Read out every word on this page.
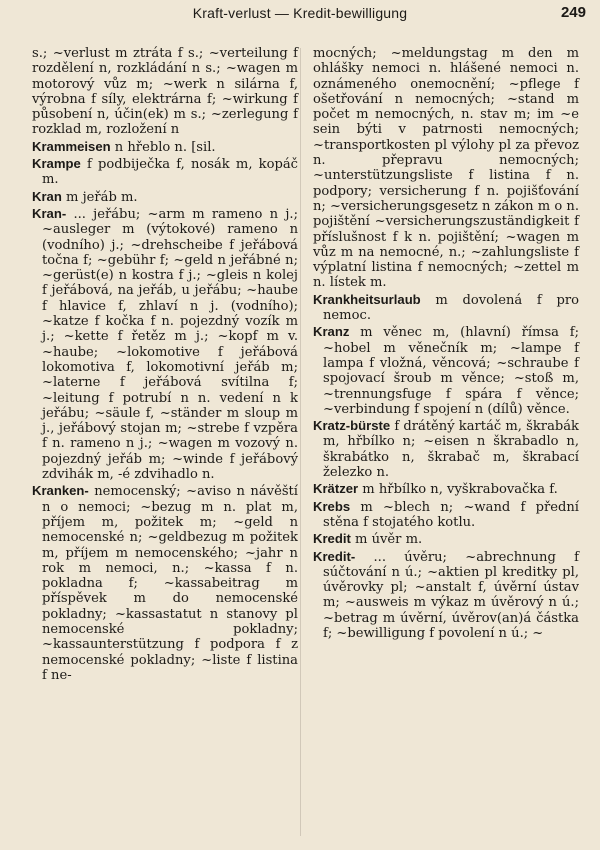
Kraft-verlust — Kredit-bewilligung	249

s.; ~verlust m ztráta f s.; ~verteilung f rozdělení n, rozkládání n s.; ~wagen m motorový vůz m; ~werk n silárna f, výrobna f síly, elektrárna f; ~wirkung f působení n, účin(ek) m s.; ~zerlegung f rozklad m, rozložení n

Krammeisen n hřeblo n. [sil.

Krampe f podbiječka f, nosák m, kopáč m.

Kran m jeřáb m.

Kran- ... jeřábu; ~arm m rameno n j.; ~ausleger m (výtokové) rameno n (vodního) j.; ~drehscheibe f jeřábová točna f; ~gebühr f; ~geld n jeřábné n; ~gerüst(e) n kostra f j.; ~gleis n kolej f jeřábová, na jeřáb, u jeřábu; ~haube f hlavice f, zhlaví n j. (vodního); ~katze f kočka f n. pojezdný vozík m j.; ~kette f řetěz m j.; ~kopf m v. ~haube; ~lokomotive f jeřábová lokomotiva f, lokomotivní jeřáb m; ~laterne f jeřábová svítilna f; ~leitung f potrubí n n. vedení n k jeřábu; ~säule f, ~ständer m sloup m j., jeřábový stojan m; ~strebe f vzpěra f n. rameno n j.; ~wagen m vozový n. pojezdný jeřáb m; ~winde f jeřábový zdvihák m, -é zdvihadlo n.

Kranken- nemocenský; ~aviso n návěští n o nemoci; ~bezug m n. plat m, příjem m, požitek m; ~geld n nemocenské n; ~geldbezug m požitek m, příjem m nemocenského; ~jahr n rok m nemoci, n.; ~kassa f n. pokladna f; ~kassabeitrag m příspěvek m do nemocenské pokladny; ~kassastatut n stanovy pl nemocenské pokladny; ~kassaunterstützung f podpora f z nemocenské pokladny; ~liste f listina f ne-

mocných; ~meldungstag m den m ohlášky nemoci n. hlášené nemoci n. oznámeného onemocnění; ~pflege f ošetřování n nemocných; ~stand m počet m nemocných, n. stav m; im ~e sein býti v patrnosti nemocných; ~transportkosten pl výlohy pl za převoz n. přepravu nemocných; ~unterstützungsliste f listina f n. podpory; versicherung f n. pojišťování n; ~versicherungsgesetz n zákon m o n. pojištění ~versicherungszuständigkeit f příslušnost f k n. pojištění; ~wagen m vůz m na nemocné, n.; ~zahlungsliste f výplatní listina f nemocných; ~zettel m n. lístek m.

Krankheitsurlaub m dovolená f pro nemoc.

Kranz m věnec m, (hlavní) římsa f; ~hobel m věnečník m; ~lampe f lampa f vložná, věncová; ~schraube f spojovací šroub m věnce; ~stoß m, ~trennungsfuge f spára f věnce; ~verbindung f spojení n (dílů) věnce.

Kratz-bürste f drátěný kartáč m, škrabák m, hřbílko n; ~eisen n škrabadlo n, škrabátko n, škrabač m, škrabací železko n.

Krätzer m hřbílko n, vyškrabovačka f.

Krebs m ~blech n; ~wand f přední stěna f stojatého kotlu.

Kredit m úvěr m.

Kredit- ... úvěru; ~abrechnung f súčtování n ú.; ~aktien pl kreditky pl, úvěrovky pl; ~anstalt f, úvěrní ústav m; ~ausweis m výkaz m úvěrový n ú.; ~betrag m úvěrní, úvěrov(an)á částka f; ~bewilligung f povolení n ú.; ~
